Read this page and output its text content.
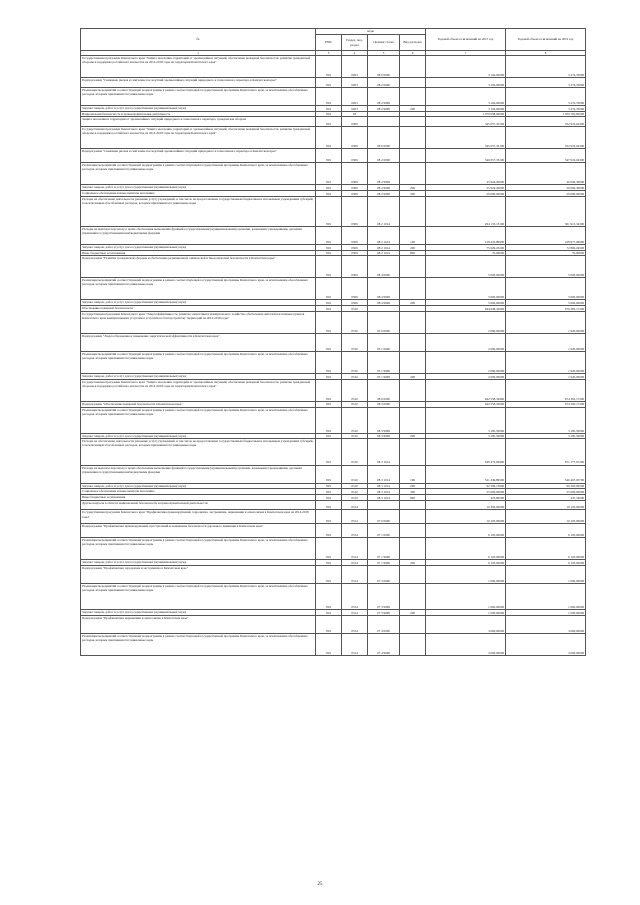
№	коды				Годовой объем ассигнований на 2015 год	Годовой объем ассигнований на 2016 год
	ГРБС	Раздел, под-раздел	Целевая статья	Вид расходов		
1	3	4	5	6	7	8
Государственная программа Камчатского края "Защита населения, территорий от чрезвычайных ситуаций, обеспечение пожарной безопасности, развитие гражданской обороны и поддержка российского казачества на 2014-2018 годы на территории Камчатского края"	819	0203	08 0 0000		3 104,00000	3 274,70000
Подпрограмма "Снижение рисков и смягчение последствий чрезвычайных ситуаций природного и техногенного характера в Камчатском крае"	819	0203	08 2 0000		3 104,00000	3 274,70000
Реализация мероприятий соответствующей подпрограммы в рамках соответствующей государственной программы Камчатского края, за исключением обособленных расходов, которым присваиваются уникальные коды	819	0203	08 2 9999		3 104,00000	3 274,70000
Закупка товаров, работ и услуг для государственных (муниципальных) нужд	819	0203	08 2 9999	200	3 104,00000	3 274,70000
Национальная безопасность и правоохранительная деятельность	819	03			1 070 098,66000	1 059 765,82000
Защита населения и территории от чрезвычайных ситуаций природного и техногенного характера, гражданская оборона	819	0309			345 057,33100	352 919,64300
Государственная программа Камчатского края "Защита населения, территорий от чрезвычайных ситуаций, обеспечение пожарной безопасности, развитие гражданской обороны и поддержка российского казачества на 2014-2018 годы на территории Камчатского края"	819	0309	08 0 0000		345 057,33100	352 919,64300
Подпрограмма "Снижение рисков и смягчение последствий чрезвычайных ситуаций природного и техногенного характера в Камчатском крае"	819	0309	08 2 0000		340 057,33100	347 919,64300
Реализация мероприятий соответствующей подпрограммы в рамках соответствующей государственной программы Камчатского края, за исключением обособленных расходов, которым присваиваются уникальные коды	819	0309	08 2 9999		45 924,20000	46 006,30000
Закупка товаров, работ и услуг для государственных (муниципальных) нужд	819	0309	08 2 9999	200	25 924,20000	26 006,30000
Социальное обеспечение и иные выплаты населению	819	0309	08 2 9999	300	20 000,00000	20 000,00000
Расходы на обеспечение деятельности (оказание услуг) учреждений, в том числе на предоставление государственным бюджетным и автономным учреждениям субсидий, за исключением обособленных расходов, которым присваиваются уникальные коды	819	0309	08 2 1014		294 133,13100	301 913,34300
Расходы на выплаты персоналу в целях обеспечения выполнения функций государственными (муниципальными) органами, казенными учреждениями, органами управления государственными внебюджетными фондами	819	0309	08 2 1014	100	218 433,89900	228 977,09600
Закупка товаров, работ и услуг для государственных (муниципальных) нужд	819	0309	08 2 1014	200	75 629,23200	72 866,04500
Иные бюджетные ассигнования	819	0309	08 2 1014	800	70,00000	70,00000
Подпрограмма "Развитие гражданской обороны и обеспечение радиационной, химической и биологической безопасности в Камчатском крае"	819	0309	08 4 0000		5 000,00000	5 000,00000
Реализация мероприятий соответствующей подпрограммы в рамках соответствующей государственной программы Камчатского края, за исключением обособленных расходов, которым присваиваются уникальные коды	819	0309	08 4 9999		5 000,00000	5 000,00000
Закупка товаров, работ и услуг для государственных (муниципальных) нужд	819	0309	08 4 9999	200	5 000,00000	5 000,00000
Обеспечение пожарной безопасности	819	0310			644 648,32900	676 283,17200
Государственная программа Камчатского края "Энергоэффективность, развитие энергетики и коммунального хозяйства, обеспечение жителей населенных пунктов Камчатского края коммунальными услугами и услугами по благоустройству территорий на 2014-2018 годы"	819	0310	05 0 0000		2 090,00000	1 920,00000
Подпрограмма "Энергосбережение и повышение энергетической эффективности в Камчатском крае"	819	0310	05 1 0000		2 090,00000	1 920,00000
Реализация мероприятий соответствующей подпрограммы в рамках соответствующей государственной программы Камчатского края, за исключением обособленных расходов, которым присваиваются уникальные коды	819	0310	05 1 9999		2 090,00000	1 920,00000
Закупка товаров, работ и услуг для государственных (муниципальных) нужд	819	0310	05 1 9999	200	2 090,00000	1 920,00000
Государственная программа Камчатского края "Защита населения, территорий от чрезвычайных ситуаций, обеспечение пожарной безопасности, развитие гражданской обороны и поддержка российского казачества на 2014-2018 годы на территории Камчатского края"	819	0310	08 0 0000		642 558,32900	674 363,17200
Подпрограмма "Обеспечение пожарной безопасности в Камчатском крае"	819	0310	08 3 0000		642 558,32900	674 363,17200
Реализация мероприятий соответствующей подпрограммы в рамках соответствующей государственной программы Камчатского края, за исключением обособленных расходов, которым присваиваются уникальные коды	819	0310	08 3 9999		3 185,50000	3 185,50000
Закупка товаров, работ и услуг для государственных (муниципальных) нужд	819	0310	08 3 9999	200	3 185,50000	3 185,50000
Расходы на обеспечение деятельности (оказание услуг) учреждений, в том числе на предоставление государственным бюджетным и автономным учреждениям субсидий, за исключением обособленных расходов, которым присваиваются уникальные коды	819	0310	08 3 1014		639 372,82900	671 177,67200
Расходы на выплаты персоналу в целях обеспечения выполнения функций государственными (муниципальными) органами, казенными учреждениями, органами управления государственными внебюджетными фондами	819	0310	08 3 1014	100	521 349,89500	546 467,05700
Закупка товаров, работ и услуг для государственных (муниципальных) нужд	819	0310	08 3 1014	200	92 599,13900	99 263,06500
Социальное обеспечение и иные выплаты населению	819	0310	08 3 1014	300	25 000,00000	25 000,00000
Иные бюджетные ассигнования	819	0310	08 3 1014	800	423,80000	447,16000
Другие вопросы в области национальной безопасности и правоохранительной деятельности	819	0314			10 393,00000	10 103,00000
Государственная программа Камчатского края "Профилактика правонарушений, терроризма, экстремизма, наркомании и алкоголизма в Камчатском крае на 2014-2018 годы"	819	0314	07 0 0000		10 103,00000	10 103,00000
Подпрограмма "Профилактика правонарушений, преступлений и повышение безопасности дорожного движения в Камчатском крае"	819	0314	07 1 0000		6 103,00000	6 103,00000
Реализация мероприятий соответствующей подпрограммы в рамках соответствующей государственной программы Камчатского края, за исключением обособленных расходов, которым присваиваются уникальные коды	819	0314	07 1 9999		6 103,00000	6 103,00000
Закупка товаров, работ и услуг для государственных (муниципальных) нужд	819	0314	07 1 9999	200	6 103,00000	6 103,00000
Подпрограмма "Профилактика терроризма и экстремизма в Камчатском крае"	819	0314	07 3 0000		1 000,00000	1 000,00000
Реализация мероприятий соответствующей подпрограммы в рамках соответствующей государственной программы Камчатского края, за исключением обособленных расходов, которым присваиваются уникальные коды	819	0314	07 3 9999		1 000,00000	1 000,00000
Закупка товаров, работ и услуг для государственных (муниципальных) нужд	819	0314	07 3 9999	200	1 000,00000	1 000,00000
Подпрограмма "Профилактика наркомании и алкоголизма в Камчатском крае"	819	0314	07 4 0000		3 000,00000	3 000,00000
Реализация мероприятий соответствующей подпрограммы в рамках соответствующей государственной программы Камчатского края, за исключением обособленных расходов, которым присваиваются уникальные коды	819	0314	07 4 9999		3 000,00000	3 000,00000
25
